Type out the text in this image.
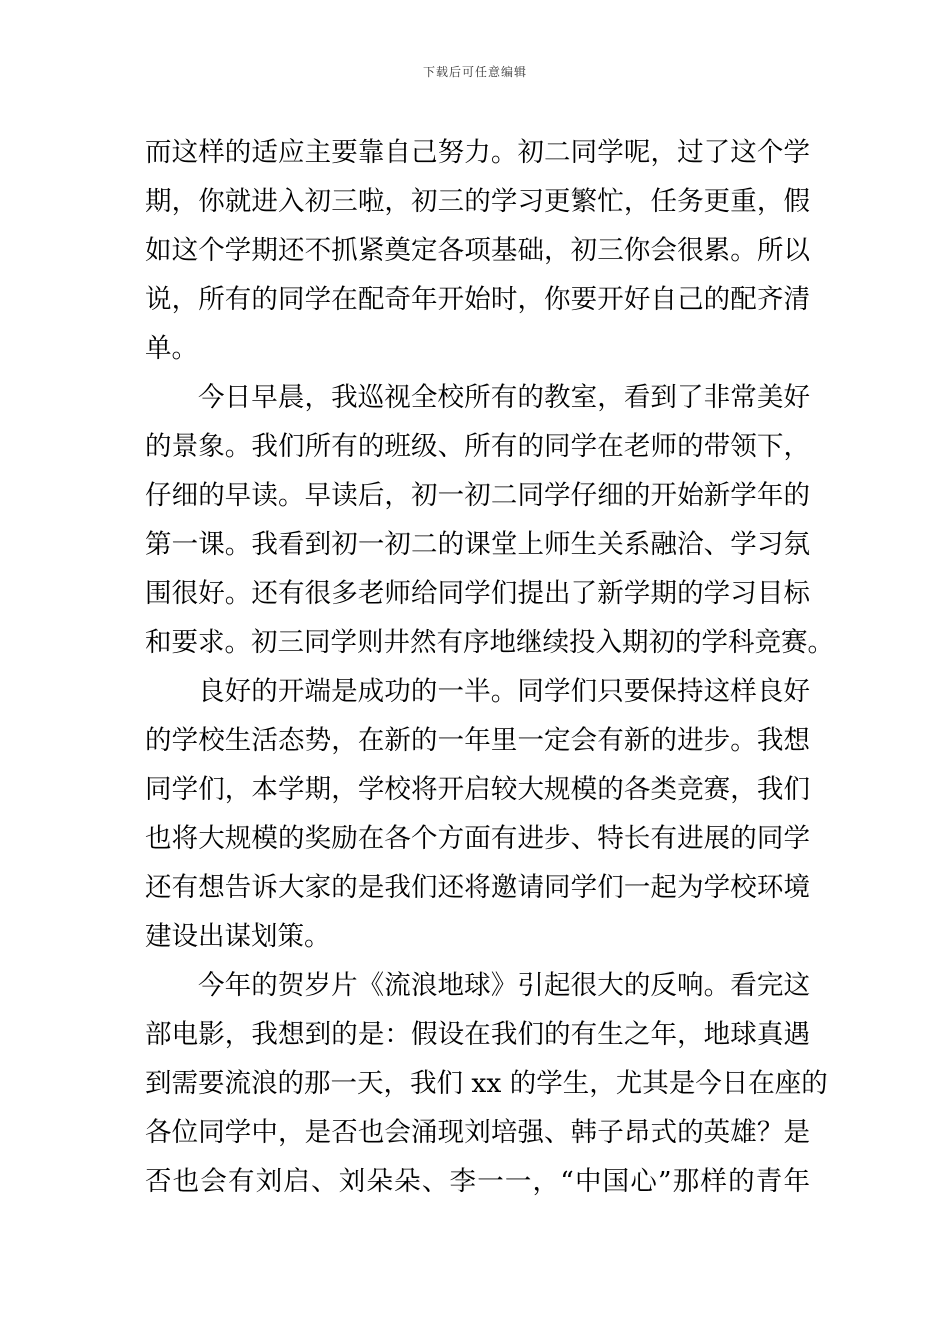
下载后可任意编辑
而这样的适应主要靠自己努力。初二同学呢，过了这个学
期，你就进入初三啦，初三的学习更繁忙，任务更重，假
如这个学期还不抓紧奠定各项基础，初三你会很累。所以
说，所有的同学在配奇年开始时，你要开好自己的配齐清
单。
今日早晨，我巡视全校所有的教室，看到了非常美好
的景象。我们所有的班级、所有的同学在老师的带领下，
仔细的早读。早读后，初一初二同学仔细的开始新学年的
第一课。我看到初一初二的课堂上师生关系融洽、学习氛
围很好。还有很多老师给同学们提出了新学期的学习目标
和要求。初三同学则井然有序地继续投入期初的学科竞赛。
良好的开端是成功的一半。同学们只要保持这样良好
的学校生活态势，在新的一年里一定会有新的进步。我想
同学们，本学期，学校将开启较大规模的各类竞赛，我们
也将大规模的奖励在各个方面有进步、特长有进展的同学
还有想告诉大家的是我们还将邀请同学们一起为学校环境
建设出谋划策。
今年的贺岁片《流浪地球》引起很大的反响。看完这
部电影，我想到的是：假设在我们的有生之年，地球真遇
到需要流浪的那一天，我们 xx 的学生，尤其是今日在座的
各位同学中，是否也会涌现刘培强、韩子昂式的英雄？是
否也会有刘启、刘朵朵、李一一，“中国心”那样的青年
